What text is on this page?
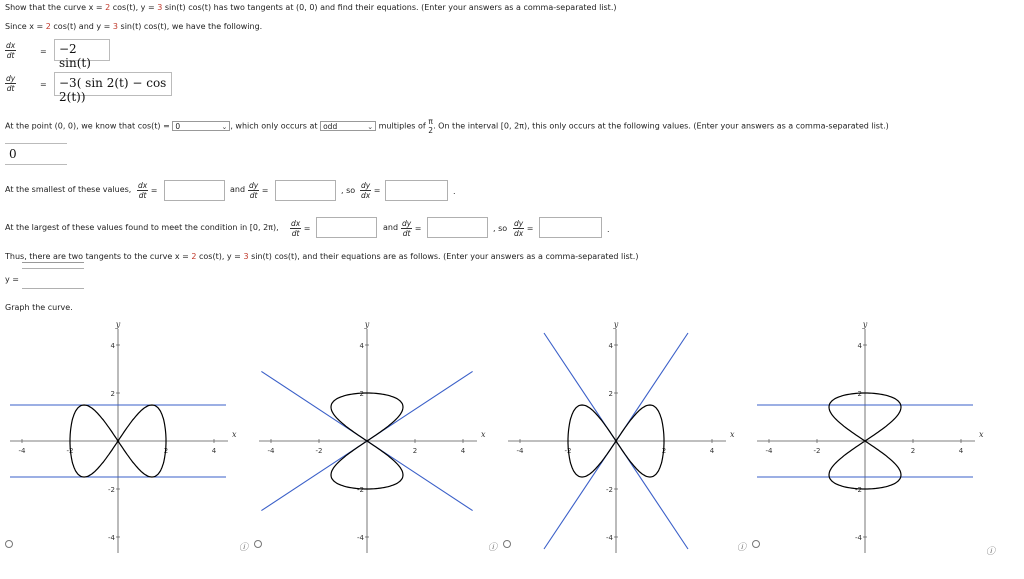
Show that the curve x = 2 cos(t), y = 3 sin(t) cos(t) has two tangents at (0, 0) and find their equations. (Enter your answers as a comma-separated list.)
Since x = 2 cos(t) and y = 3 sin(t) cos(t), we have the following.
$\frac{dx}{dt}$	=	−2 sin(t)
$\frac{dy}{dt}$	=	−3( sin 2(t) − cos 2(t))
At the point (0, 0), we know that cos(t) = 0	⌄ , which only occurs at odd	⌄ multiples of π
2 . On the interval [0, 2π), this only occurs at the following values. (Enter your answers as a comma-separated list.)
0
At the smallest of these values, $\frac{dx}{dt}$ =	and $\frac{dy}{dt}$ =	, so $\frac{dy}{dx}$ =	.
At the largest of these values found to meet the condition in [0, 2π), $\frac{dx}{dt}$ =	and $\frac{dy}{dt}$ =	, so $\frac{dy}{dx}$ =	.
Thus, there are two tangents to the curve x = 2 cos(t), y = 3 sin(t) cos(t), and their equations are as follows. (Enter your answers as a comma-separated list.)
y =
Graph the curve.
-4	-2	2	4
4
2
-2
-4
y
x
-4	-2	2	4
4
2
-2
-4
y
x
-4	-2	2	4
4
2
-2
-4
y
x
-4	-2	2	4
4
2
-2
-4
y
x
ⓘ	ⓘ	ⓘ	ⓘ
